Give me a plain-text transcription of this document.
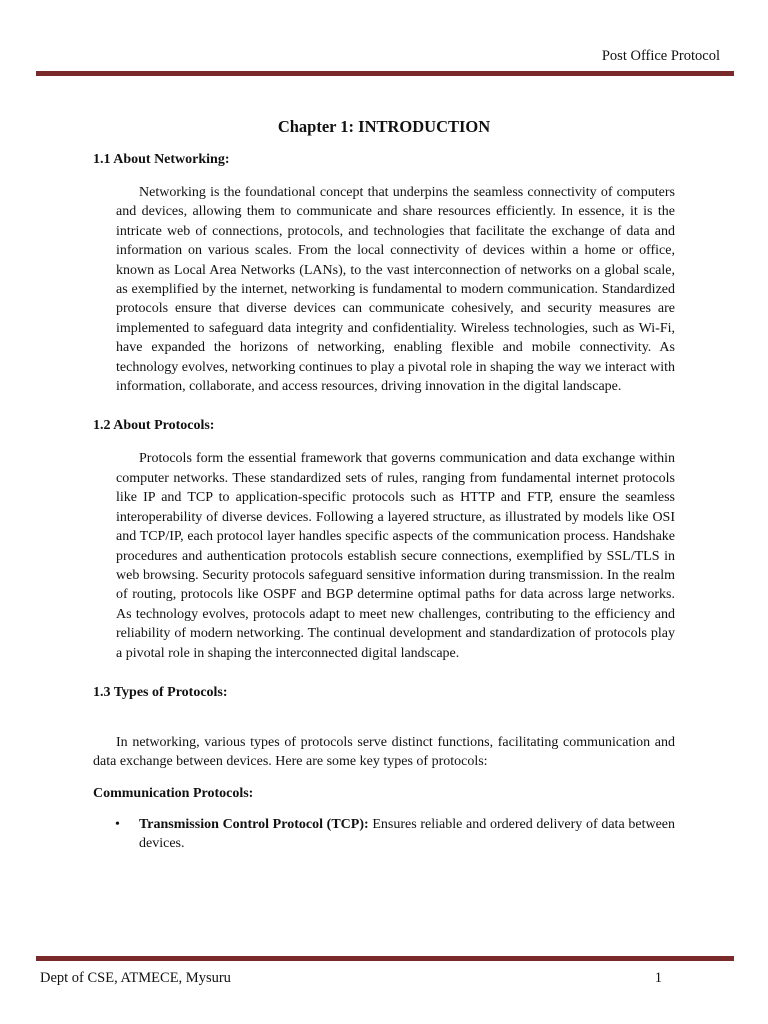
Post Office Protocol
Chapter 1: INTRODUCTION
1.1 About Networking:

Networking is the foundational concept that underpins the seamless connectivity of computers and devices, allowing them to communicate and share resources efficiently. In essence, it is the intricate web of connections, protocols, and technologies that facilitate the exchange of data and information on various scales. From the local connectivity of devices within a home or office, known as Local Area Networks (LANs), to the vast interconnection of networks on a global scale, as exemplified by the internet, networking is fundamental to modern communication. Standardized protocols ensure that diverse devices can communicate cohesively, and security measures are implemented to safeguard data integrity and confidentiality. Wireless technologies, such as Wi-Fi, have expanded the horizons of networking, enabling flexible and mobile connectivity. As technology evolves, networking continues to play a pivotal role in shaping the way we interact with information, collaborate, and access resources, driving innovation in the digital landscape.

1.2 About Protocols:

Protocols form the essential framework that governs communication and data exchange within computer networks. These standardized sets of rules, ranging from fundamental internet protocols like IP and TCP to application-specific protocols such as HTTP and FTP, ensure the seamless interoperability of diverse devices. Following a layered structure, as illustrated by models like OSI and TCP/IP, each protocol layer handles specific aspects of the communication process. Handshake procedures and authentication protocols establish secure connections, exemplified by SSL/TLS in web browsing. Security protocols safeguard sensitive information during transmission. In the realm of routing, protocols like OSPF and BGP determine optimal paths for data across large networks. As technology evolves, protocols adapt to meet new challenges, contributing to the efficiency and reliability of modern networking. The continual development and standardization of protocols play a pivotal role in shaping the interconnected digital landscape.

1.3 Types of Protocols:

In networking, various types of protocols serve distinct functions, facilitating communication and data exchange between devices. Here are some key types of protocols:

Communication Protocols:

• Transmission Control Protocol (TCP): Ensures reliable and ordered delivery of data between devices.
Dept of CSE, ATMECE, Mysuru	1
